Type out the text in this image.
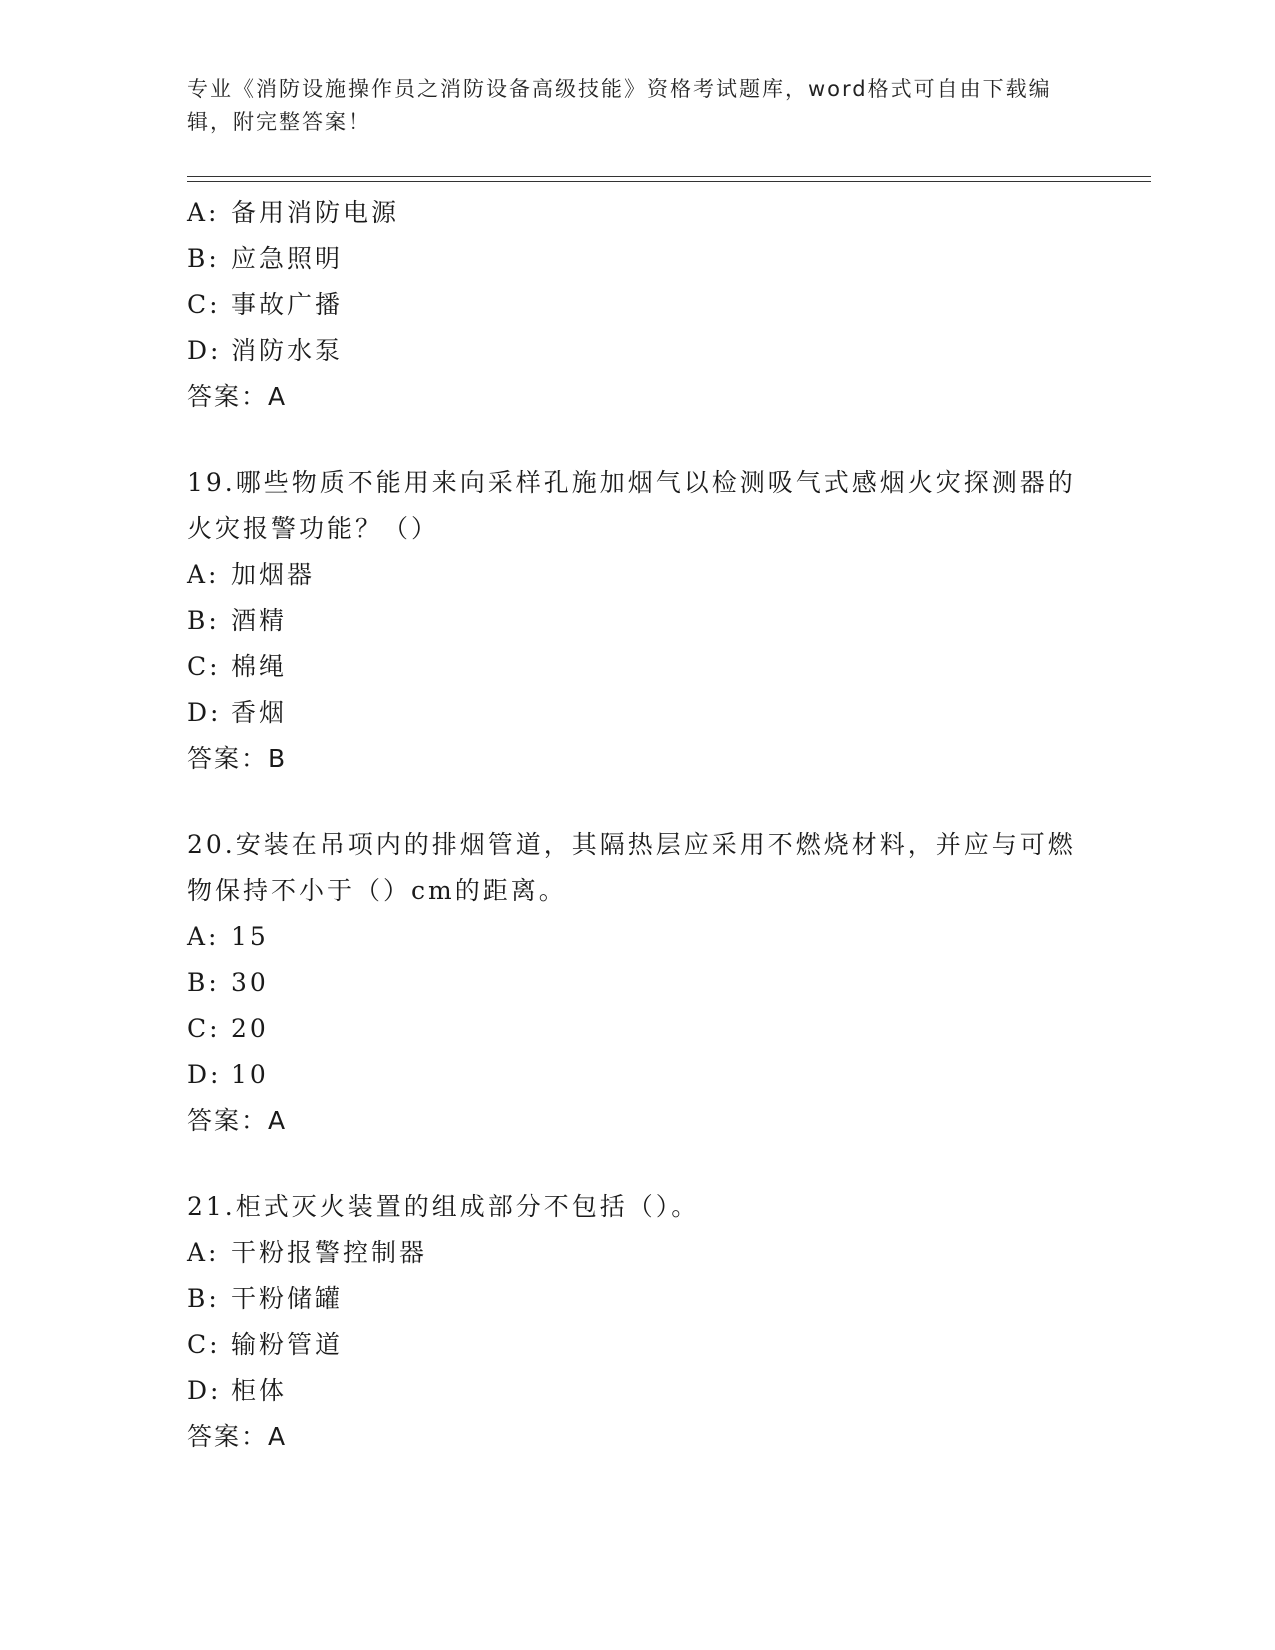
专业《消防设施操作员之消防设备高级技能》资格考试题库，word格式可自由下载编辑，附完整答案！
A: 备用消防电源
B: 应急照明
C: 事故广播
D: 消防水泵
答案：A
19.哪些物质不能用来向采样孔施加烟气以检测吸气式感烟火灾探测器的火灾报警功能？（）
A: 加烟器
B: 酒精
C: 棉绳
D: 香烟
答案：B
20.安装在吊项内的排烟管道，其隔热层应采用不燃烧材料，并应与可燃物保持不小于（）cm的距离。
A: 15
B: 30
C: 20
D: 10
答案：A
21.柜式灭火装置的组成部分不包括（）。
A: 干粉报警控制器
B: 干粉储罐
C: 输粉管道
D: 柜体
答案：A
